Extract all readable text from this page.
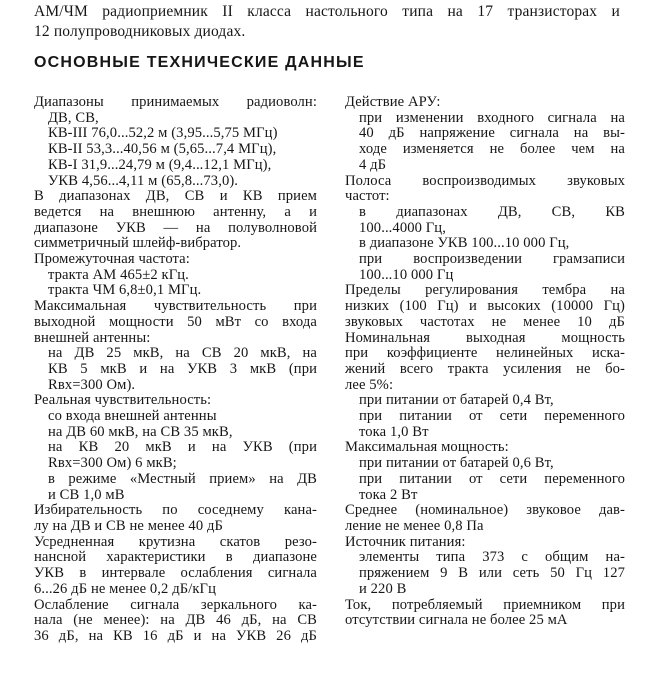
АМ/ЧМ радиоприемник II класса настольного типа на 17 транзисторах и
12 полупроводниковых диодах.
ОСНОВНЫЕ ТЕХНИЧЕСКИЕ ДАННЫЕ
Диапазоны принимаемых радиоволн:
ДВ, СВ,
КВ-III 76,0...52,2 м (3,95...5,75 МГц)
КВ-II 53,3...40,56 м (5,65...7,4 МГц),
КВ-I 31,9...24,79 м (9,4...12,1 МГц),
УКВ 4,56...4,11 м (65,8...73,0).
В диапазонах ДВ, СВ и КВ прием
ведется на внешнюю антенну, а и
диапазоне УКВ — на полуволновой
симметричный шлейф-вибратор.
Промежуточная частота:
тракта АМ 465±2 кГц.
тракта ЧМ 6,8±0,1 МГц.
Максимальная чувствительность при
выходной мощности 50 мВт со входа
внешней антенны:
на ДВ 25 мкВ, на СВ 20 мкВ, на
КВ 5 мкВ и на УКВ 3 мкВ (при
Rвх=300 Ом).
Реальная чувствительность:
со входа внешней антенны
на ДВ 60 мкВ, на СВ 35 мкВ,
на КВ 20 мкВ и на УКВ (при
Rвх=300 Ом) 6 мкВ;
в режиме «Местный прием» на ДВ
и СВ 1,0 мВ
Избирательность по соседнему кана-
лу на ДВ и СВ не менее 40 дБ
Усредненная крутизна скатов резо-
нансной характеристики в диапазоне
УКВ в интервале ослабления сигнала
6...26 дБ не менее 0,2 дБ/кГц
Ослабление сигнала зеркального ка-
нала (не менее): на ДВ 46 дБ, на СВ
36 дБ, на КВ 16 дБ и на УКВ 26 дБ
Действие АРУ:
при изменении входного сигнала на
40 дБ напряжение сигнала на вы-
ходе изменяется не более чем на
4 дБ
Полоса воспроизводимых звуковых
частот:
в диапазонах ДВ, СВ, КВ
100...4000 Гц,
в диапазоне УКВ 100...10 000 Гц,
при воспроизведении грамзаписи
100...10 000 Гц
Пределы регулирования тембра на
низких (100 Гц) и высоких (10000 Гц)
звуковых частотах не менее 10 дБ
Номинальная выходная мощность
при коэффициенте нелинейных иска-
жений всего тракта усиления не бо-
лее 5%:
при питании от батарей 0,4 Вт,
при питании от сети переменного
тока 1,0 Вт
Максимальная мощность:
при питании от батарей 0,6 Вт,
при питании от сети переменного
тока 2 Вт
Среднее (номинальное) звуковое дав-
ление не менее 0,8 Па
Источник питания:
элементы типа 373 с общим на-
пряжением 9 В или сеть 50 Гц 127
и 220 В
Ток, потребляемый приемником при
отсутствии сигнала не более 25 мА
